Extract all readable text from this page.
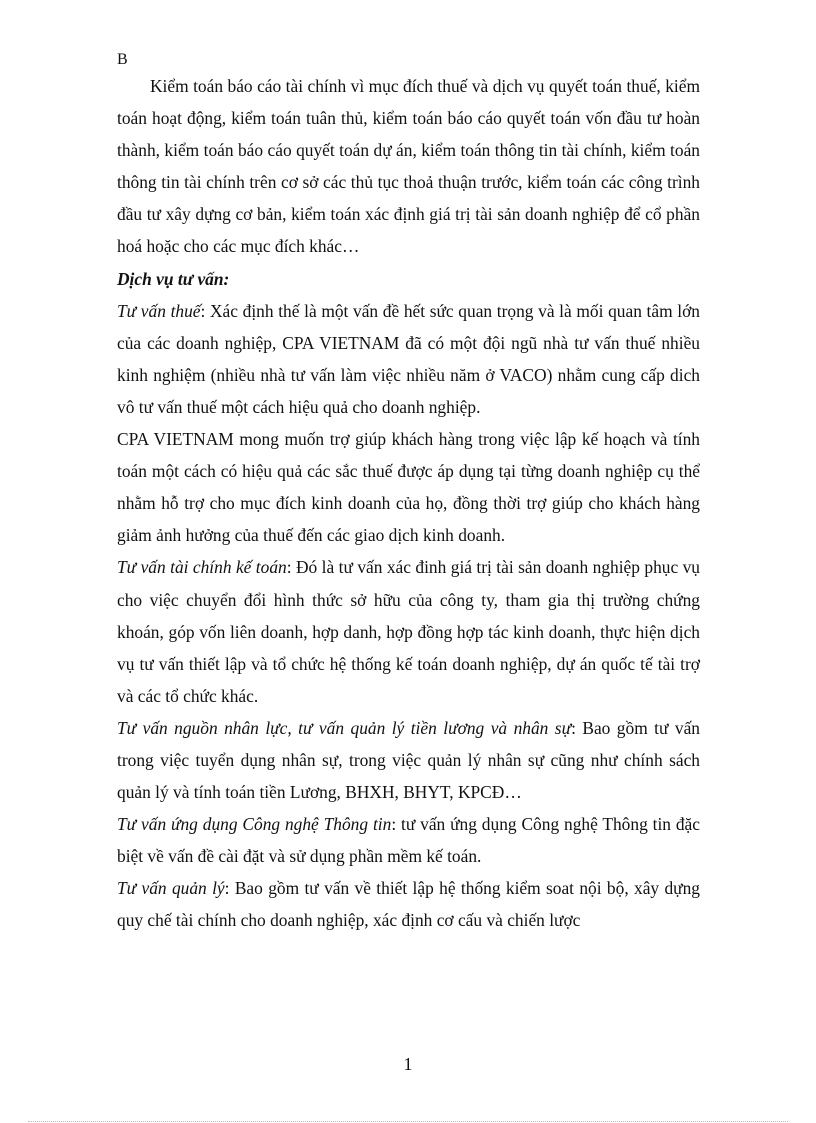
B

Kiểm toán báo cáo tài chính vì mục đích thuế và dịch vụ quyết toán thuế, kiểm toán hoạt động, kiểm toán tuân thủ, kiểm toán báo cáo quyết toán vốn đầu tư hoàn thành, kiểm toán báo cáo quyết toán dự án, kiểm toán thông tin tài chính, kiểm toán thông tin tài chính trên cơ sở các thủ tục thoả thuận trước, kiểm toán các công trình đầu tư xây dựng cơ bản, kiểm toán xác định giá trị tài sản doanh nghiệp để cổ phần hoá hoặc cho các mục đích khác…

Dịch vụ tư vấn:

Tư vấn thuế: Xác định thế là một vấn đề hết sức quan trọng và là mối quan tâm lớn của các doanh nghiệp, CPA VIETNAM đã có một đội ngũ nhà tư vấn thuế nhiều kinh nghiệm (nhiều nhà tư vấn làm việc nhiều năm ở VACO) nhằm cung cấp dich vô tư vấn thuế một cách hiệu quả cho doanh nghiệp.

CPA VIETNAM mong muốn trợ giúp khách hàng trong việc lập kế hoạch và tính toán một cách có hiệu quả các sắc thuế được áp dụng tại từng doanh nghiệp cụ thể nhằm hỗ trợ cho mục đích kinh doanh của họ, đồng thời trợ giúp cho khách hàng giảm ảnh hưởng của thuế đến các giao dịch kinh doanh.

Tư vấn tài chính kế toán: Đó là tư vấn xác đinh giá trị tài sản doanh nghiệp phục vụ cho việc chuyển đổi hình thức sở hữu của công ty, tham gia thị trường chứng khoán, góp vốn liên doanh, hợp danh, hợp đồng hợp tác kinh doanh, thực hiện dịch vụ tư vấn thiết lập và tổ chức hệ thống kế toán doanh nghiệp, dự án quốc tế tài trợ và các tổ chức khác.

Tư vấn nguồn nhân lực, tư vấn quản lý tiền lương và nhân sự: Bao gồm tư vấn trong việc tuyển dụng nhân sự, trong việc quản lý nhân sự cũng như chính sách quản lý và tính toán tiền Lương, BHXH, BHYT, KPCĐ…

Tư vấn ứng dụng Công nghệ Thông tin: tư vấn ứng dụng Công nghệ Thông tin đặc biệt về vấn đề cài đặt và sử dụng phần mềm kế toán.

Tư vấn quản lý: Bao gồm tư vấn về thiết lập hệ thống kiểm soat nội bộ, xây dựng quy chế tài chính cho doanh nghiệp, xác định cơ cấu và chiến lược

1
